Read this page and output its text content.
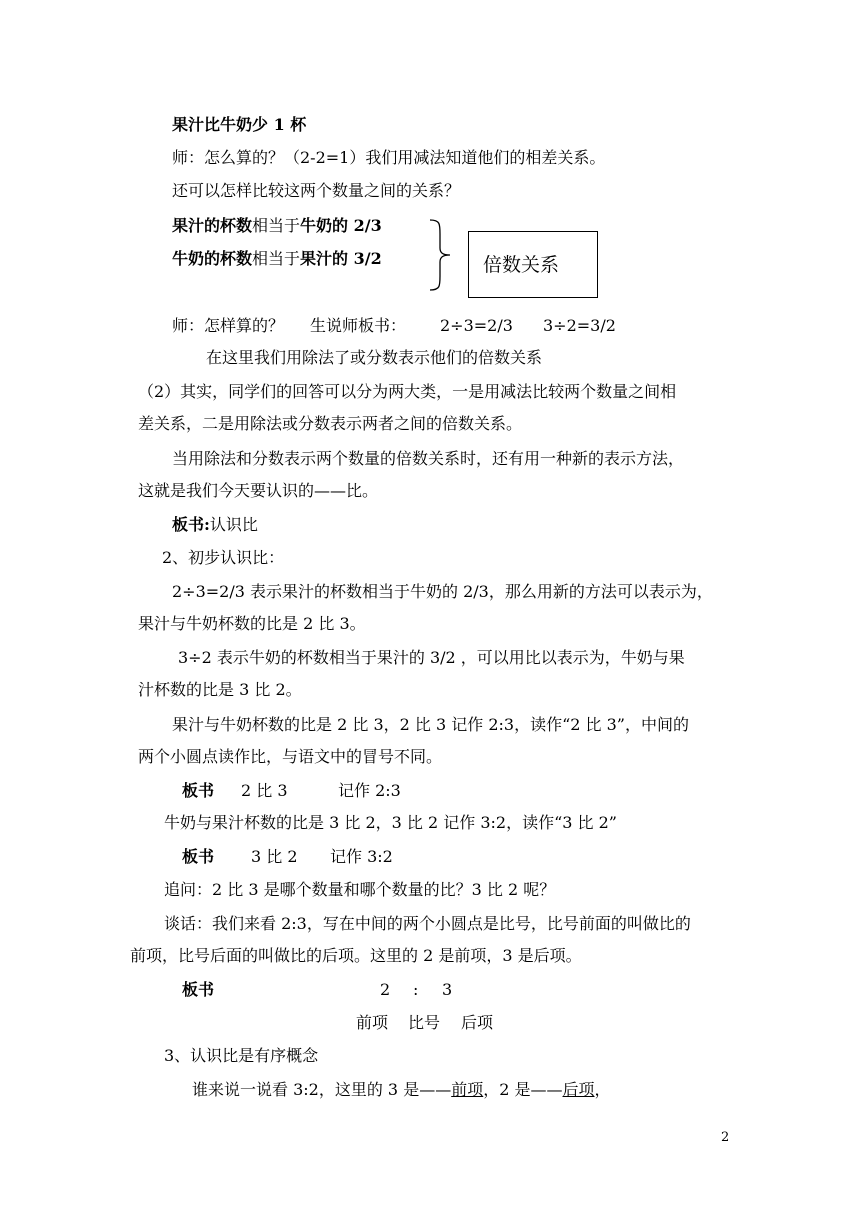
果汁比牛奶少 1 杯
师：怎么算的？（2-2=1）我们用减法知道他们的相差关系。
还可以怎样比较这两个数量之间的关系？
果汁的杯数相当于牛奶的 2/3
牛奶的杯数相当于果汁的 3/2	倍数关系
师：怎样算的？ 生说师板书： 2÷3=2/3 3÷2=3/2
在这里我们用除法了或分数表示他们的倍数关系
（2）其实，同学们的回答可以分为两大类，一是用减法比较两个数量之间相
差关系，二是用除法或分数表示两者之间的倍数关系。
当用除法和分数表示两个数量的倍数关系时，还有用一种新的表示方法，
这就是我们今天要认识的——比。
板书:认识比
2、初步认识比：
2÷3=2/3 表示果汁的杯数相当于牛奶的 2/3，那么用新的方法可以表示为，
果汁与牛奶杯数的比是 2 比 3。
3÷2 表示牛奶的杯数相当于果汁的 3/2 ，可以用比以表示为，牛奶与果
汁杯数的比是 3 比 2。
果汁与牛奶杯数的比是 2 比 3，2 比 3 记作 2:3，读作“2 比 3”，中间的
两个小圆点读作比，与语文中的冒号不同。
板书 2 比 3	记作 2:3
牛奶与果汁杯数的比是 3 比 2，3 比 2 记作 3:2，读作“3 比 2”
板书 3 比 2 记作 3:2
追问：2 比 3 是哪个数量和哪个数量的比？3 比 2 呢？
谈话：我们来看 2:3，写在中间的两个小圆点是比号，比号前面的叫做比的
前项，比号后面的叫做比的后项。这里的 2 是前项，3 是后项。
板书	2 : 3
前项 比号 后项
3、认识比是有序概念
谁来说一说看 3:2，这里的 3 是——前项，2 是——后项，
2
